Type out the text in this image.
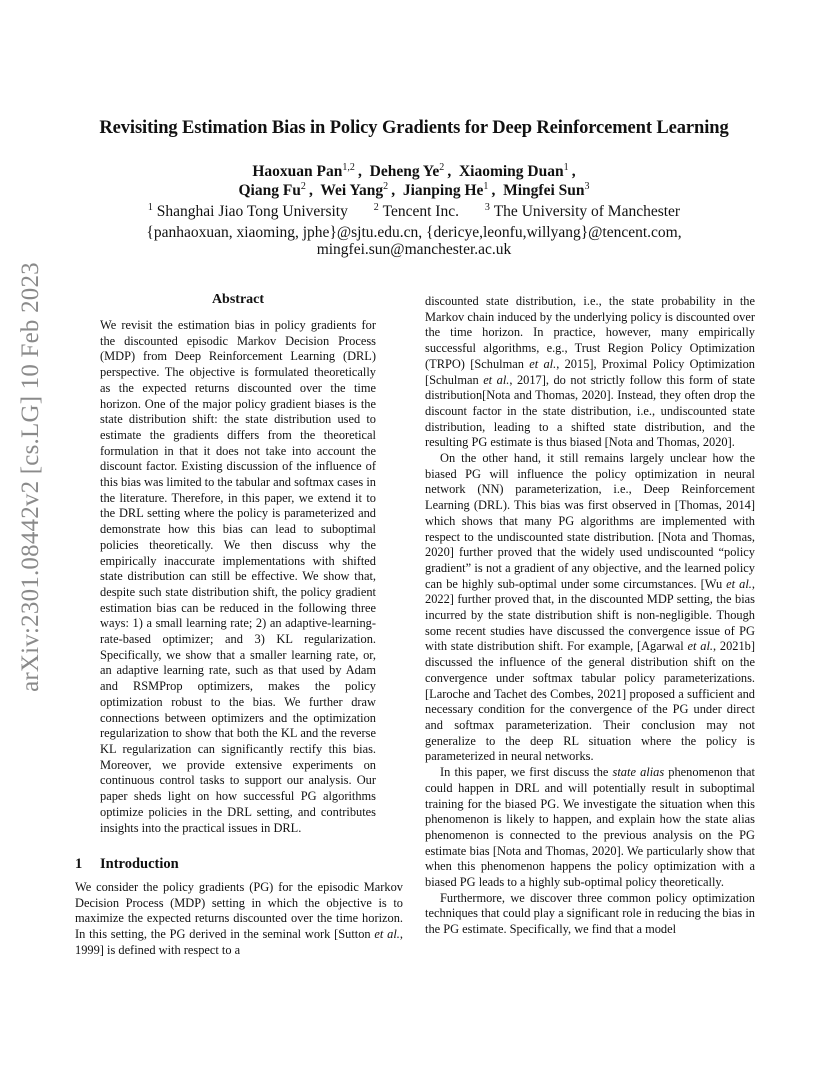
arXiv:2301.08442v2 [cs.LG] 10 Feb 2023
Revisiting Estimation Bias in Policy Gradients for Deep Reinforcement Learning
Haoxuan Pan$^{1,2}$ ,  Deheng Ye$^2$ ,  Xiaoming Duan$^1$ ,
Qiang Fu$^2$ ,  Wei Yang$^2$ ,  Jianping He$^1$ ,  Mingfei Sun$^3$
$^1$ Shanghai Jiao Tong University	$^2$ Tencent Inc.	$^3$ The University of Manchester
{panhaoxuan, xiaoming, jphe}@sjtu.edu.cn, {dericye,leonfu,willyang}@tencent.com,
mingfei.sun@manchester.ac.uk
Abstract

We revisit the estimation bias in policy gradients for the discounted episodic Markov Decision Process (MDP) from Deep Reinforcement Learning (DRL) perspective. The objective is formulated theoretically as the expected returns discounted over the time horizon. One of the major policy gradient biases is the state distribution shift: the state distribution used to estimate the gradients differs from the theoretical formulation in that it does not take into account the discount factor. Existing discussion of the influence of this bias was limited to the tabular and softmax cases in the literature. Therefore, in this paper, we extend it to the DRL setting where the policy is parameterized and demonstrate how this bias can lead to suboptimal policies theoretically. We then discuss why the empirically inaccurate implementations with shifted state distribution can still be effective. We show that, despite such state distribution shift, the policy gradient estimation bias can be reduced in the following three ways: 1) a small learning rate; 2) an adaptive-learning-rate-based optimizer; and 3) KL regularization. Specifically, we show that a smaller learning rate, or, an adaptive learning rate, such as that used by Adam and RSMProp optimizers, makes the policy optimization robust to the bias. We further draw connections between optimizers and the optimization regularization to show that both the KL and the reverse KL regularization can significantly rectify this bias. Moreover, we provide extensive experiments on continuous control tasks to support our analysis. Our paper sheds light on how successful PG algorithms optimize policies in the DRL setting, and contributes insights into the practical issues in DRL.

1 Introduction

We consider the policy gradients (PG) for the episodic Markov Decision Process (MDP) setting in which the objective is to maximize the expected returns discounted over the time horizon. In this setting, the PG derived in the seminal work [Sutton et al., 1999] is defined with respect to a

discounted state distribution, i.e., the state probability in the Markov chain induced by the underlying policy is discounted over the time horizon. In practice, however, many empirically successful algorithms, e.g., Trust Region Policy Optimization (TRPO) [Schulman et al., 2015], Proximal Policy Optimization [Schulman et al., 2017], do not strictly follow this form of state distribution[Nota and Thomas, 2020]. Instead, they often drop the discount factor in the state distribution, i.e., undiscounted state distribution, leading to a shifted state distribution, and the resulting PG estimate is thus biased [Nota and Thomas, 2020].

On the other hand, it still remains largely unclear how the biased PG will influence the policy optimization in neural network (NN) parameterization, i.e., Deep Reinforcement Learning (DRL). This bias was first observed in [Thomas, 2014] which shows that many PG algorithms are implemented with respect to the undiscounted state distribution. [Nota and Thomas, 2020] further proved that the widely used undiscounted “policy gradient” is not a gradient of any objective, and the learned policy can be highly sub-optimal under some circumstances. [Wu et al., 2022] further proved that, in the discounted MDP setting, the bias incurred by the state distribution shift is non-negligible. Though some recent studies have discussed the convergence issue of PG with state distribution shift. For example, [Agarwal et al., 2021b] discussed the influence of the general distribution shift on the convergence under softmax tabular policy parameterizations. [Laroche and Tachet des Combes, 2021] proposed a sufficient and necessary condition for the convergence of the PG under direct and softmax parameterization. Their conclusion may not generalize to the deep RL situation where the policy is parameterized in neural networks.

In this paper, we first discuss the state alias phenomenon that could happen in DRL and will potentially result in suboptimal training for the biased PG. We investigate the situation when this phenomenon is likely to happen, and explain how the state alias phenomenon is connected to the previous analysis on the PG estimate bias [Nota and Thomas, 2020]. We particularly show that when this phenomenon happens the policy optimization with a biased PG leads to a highly sub-optimal policy theoretically.

Furthermore, we discover three common policy optimization techniques that could play a significant role in reducing the bias in the PG estimate. Specifically, we find that a model
